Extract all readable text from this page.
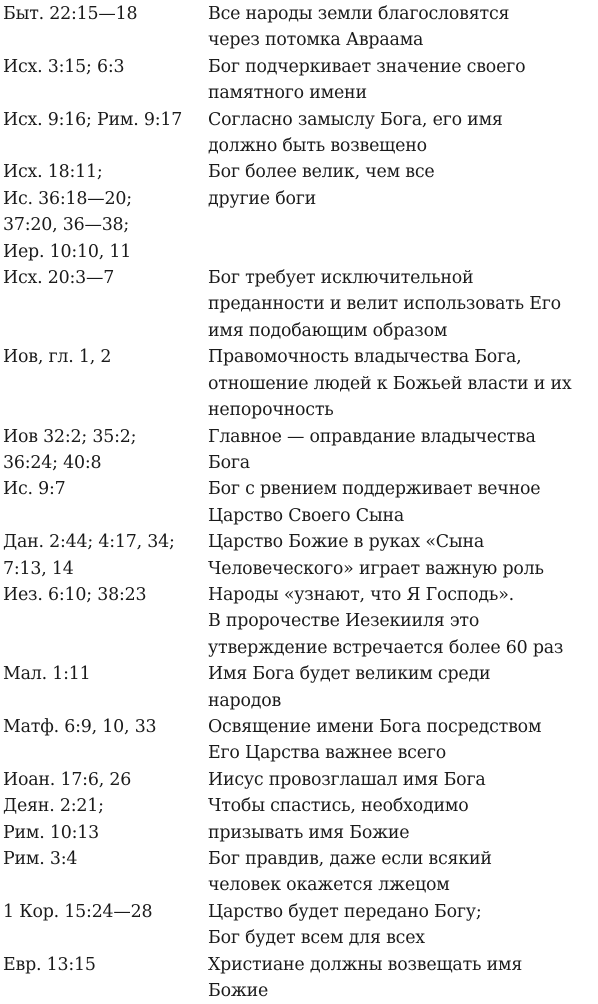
Быт. 22:15—18	Все народы земли благословятся
через потомка Авраама

Исх. 3:15; 6:3	Бог подчеркивает значение своего
памятного имени

Исх. 9:16; Рим. 9:17	Согласно замыслу Бога, его имя
должно быть возвещено

Исх. 18:11;
Ис. 36:18—20;
37:20, 36—38;
Иер. 10:10, 11	Бог более велик, чем все
другие боги

Исх. 20:3—7	Бог требует исключительной
преданности и велит использовать Его
имя подобающим образом

Иов, гл. 1, 2	Правомочность владычества Бога,
отношение людей к Божьей власти и их
непорочность

Иов 32:2; 35:2;
36:24; 40:8	Главное — оправдание владычества
Бога

Ис. 9:7	Бог с рвением поддерживает вечное
Царство Своего Сына

Дан. 2:44; 4:17, 34;
7:13, 14	Царство Божие в руках «Сына
Человеческого» играет важную роль

Иез. 6:10; 38:23	Народы «узнают, что Я Господь».
В пророчестве Иезекииля это
утверждение встречается более 60 раз

Мал. 1:11	Имя Бога будет великим среди
народов

Матф. 6:9, 10, 33	Освящение имени Бога посредством
Его Царства важнее всего

Иоан. 17:6, 26	Иисус провозглашал имя Бога

Деян. 2:21;
Рим. 10:13	Чтобы спастись, необходимо
призывать имя Божие

Рим. 3:4	Бог правдив, даже если всякий
человек окажется лжецом

1 Кор. 15:24—28	Царство будет передано Богу;
Бог будет всем для всех

Евр. 13:15	Христиане должны возвещать имя
Божие
